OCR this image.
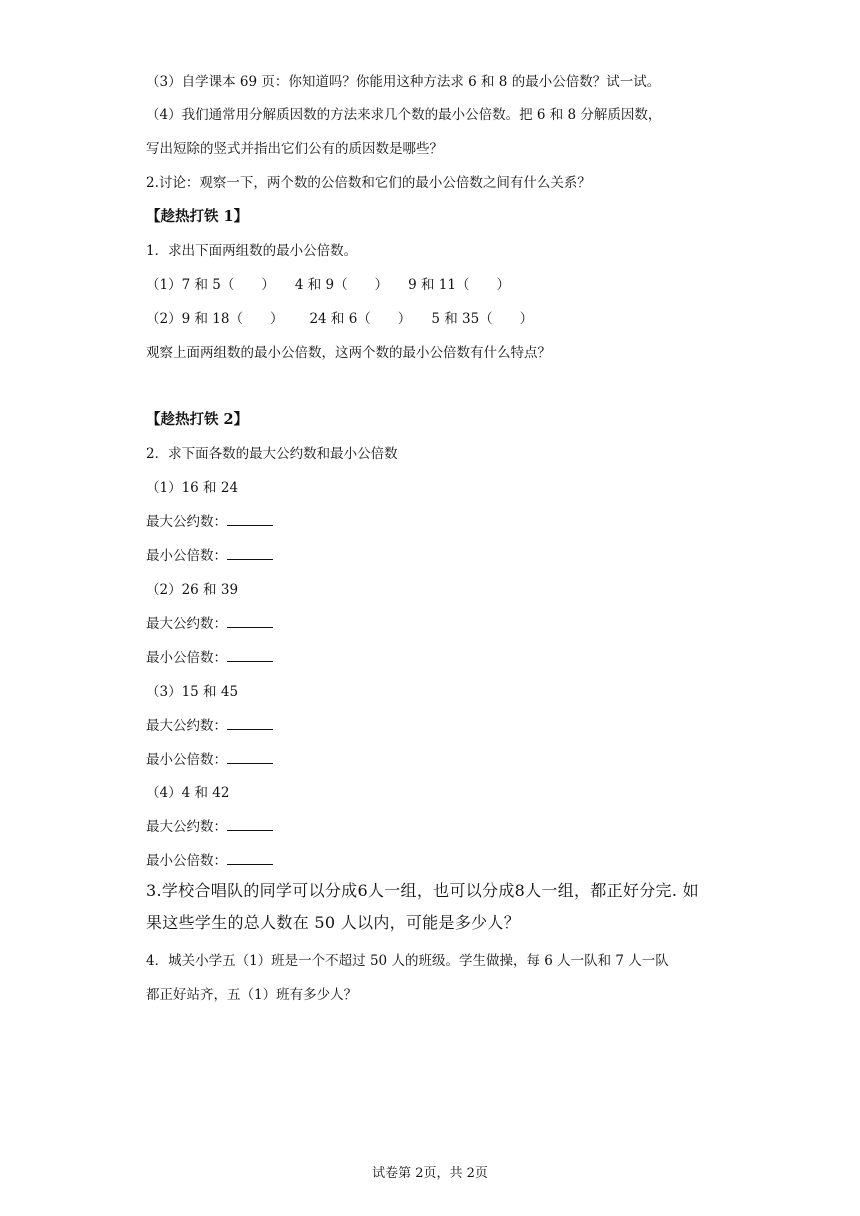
（3）自学课本 69 页：你知道吗？你能用这种方法求 6 和 8 的最小公倍数？试一试。
（4）我们通常用分解质因数的方法来求几个数的最小公倍数。把 6 和 8 分解质因数，
写出短除的竖式并指出它们公有的质因数是哪些？
2.讨论：观察一下，两个数的公倍数和它们的最小公倍数之间有什么关系？
【趁热打铁 1】
1．求出下面两组数的最小公倍数。
（1）7 和 5（　　） 4 和 9（　　） 9 和 11（　　）
（2）9 和 18（　　） 24 和 6（　　） 5 和 35（　　）
观察上面两组数的最小公倍数，这两个数的最小公倍数有什么特点？
【趁热打铁 2】
2．求下面各数的最大公约数和最小公倍数
（1）16 和 24
最大公约数：
最小公倍数：
（2）26 和 39
最大公约数：
最小公倍数：
（3）15 和 45
最大公约数：
最小公倍数：
（4）4 和 42
最大公约数：
最小公倍数：
3.学校合唱队的同学可以分成6人一组，也可以分成8人一组，都正好分完. 如
果这些学生的总人数在 50 人以内，可能是多少人？
4．城关小学五（1）班是一个不超过 50 人的班级。学生做操，每 6 人一队和 7 人一队
都正好站齐，五（1）班有多少人？
试卷第 2页，共 2页
